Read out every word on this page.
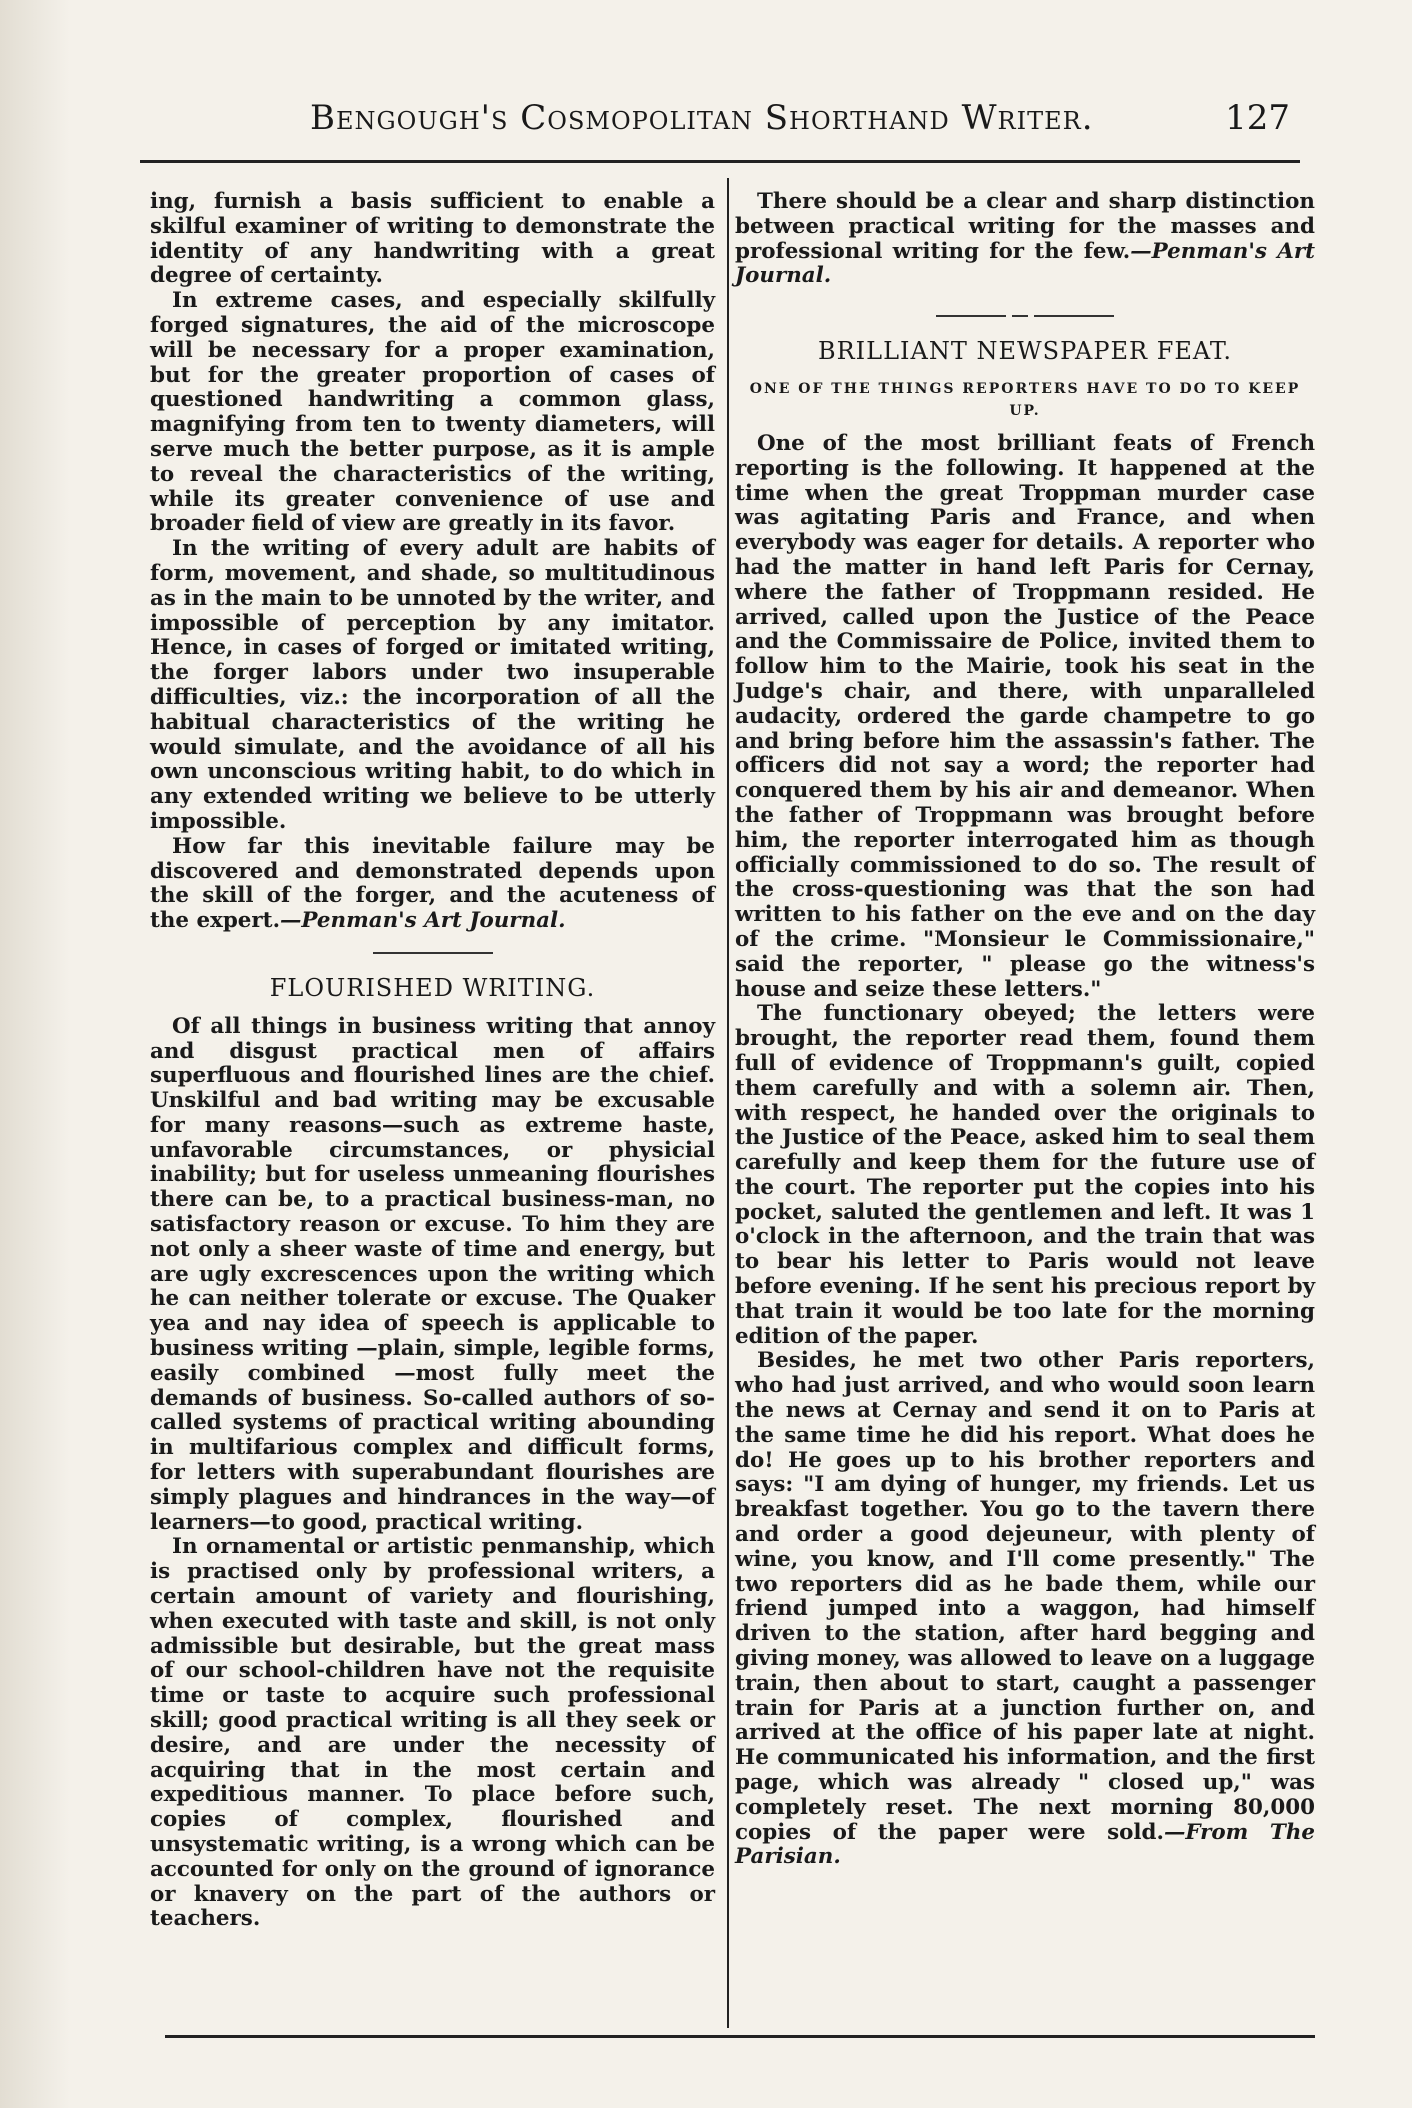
Bengough's Cosmopolitan Shorthand Writer.	127

ing, furnish a basis sufficient to enable a skilful examiner of writing to demonstrate the identity of any handwriting with a great degree of certainty.

In extreme cases, and especially skilfully forged signatures, the aid of the microscope will be necessary for a proper examination, but for the greater proportion of cases of questioned handwriting a common glass, magnifying from ten to twenty diameters, will serve much the better purpose, as it is ample to reveal the characteristics of the writing, while its greater convenience of use and broader field of view are greatly in its favor.

In the writing of every adult are habits of form, movement, and shade, so multitudinous as in the main to be unnoted by the writer, and impossible of perception by any imitator. Hence, in cases of forged or imitated writing, the forger labors under two insuperable difficulties, viz.: the incorporation of all the habitual characteristics of the writing he would simulate, and the avoidance of all his own unconscious writing habit, to do which in any extended writing we believe to be utterly impossible.

How far this inevitable failure may be discovered and demonstrated depends upon the skill of the forger, and the acuteness of the expert.—Penman's Art Journal.

FLOURISHED WRITING.

Of all things in business writing that annoy and disgust practical men of affairs superfluous and flourished lines are the chief. Unskilful and bad writing may be excusable for many reasons—such as extreme haste, unfavorable circumstances, or physicial inability; but for useless unmeaning flourishes there can be, to a practical business-man, no satisfactory reason or excuse. To him they are not only a sheer waste of time and energy, but are ugly excrescences upon the writing which he can neither tolerate or excuse. The Quaker yea and nay idea of speech is applicable to business writing —plain, simple, legible forms, easily combined —most fully meet the demands of business. So-called authors of so-called systems of practical writing abounding in multifarious complex and difficult forms, for letters with superabundant flourishes are simply plagues and hindrances in the way—of learners—to good, practical writing.

In ornamental or artistic penmanship, which is practised only by professional writers, a certain amount of variety and flourishing, when executed with taste and skill, is not only admissible but desirable, but the great mass of our school-children have not the requisite time or taste to acquire such professional skill; good practical writing is all they seek or desire, and are under the necessity of acquiring that in the most certain and expeditious manner. To place before such, copies of complex, flourished and unsystematic writing, is a wrong which can be accounted for only on the ground of ignorance or knavery on the part of the authors or teachers.

There should be a clear and sharp distinction between practical writing for the masses and professional writing for the few.—Penman's Art Journal.

BRILLIANT NEWSPAPER FEAT.
ONE OF THE THINGS REPORTERS HAVE TO DO TO KEEP UP.

One of the most brilliant feats of French reporting is the following. It happened at the time when the great Troppman murder case was agitating Paris and France, and when everybody was eager for details. A reporter who had the matter in hand left Paris for Cernay, where the father of Troppmann resided. He arrived, called upon the Justice of the Peace and the Commissaire de Police, invited them to follow him to the Mairie, took his seat in the Judge's chair, and there, with unparalleled audacity, ordered the garde champetre to go and bring before him the assassin's father. The officers did not say a word; the reporter had conquered them by his air and demeanor. When the father of Troppmann was brought before him, the reporter interrogated him as though officially commissioned to do so. The result of the cross-questioning was that the son had written to his father on the eve and on the day of the crime. "Monsieur le Commissionaire," said the reporter, " please go the witness's house and seize these letters."

The functionary obeyed; the letters were brought, the reporter read them, found them full of evidence of Troppmann's guilt, copied them carefully and with a solemn air. Then, with respect, he handed over the originals to the Justice of the Peace, asked him to seal them carefully and keep them for the future use of the court. The reporter put the copies into his pocket, saluted the gentlemen and left. It was 1 o'clock in the afternoon, and the train that was to bear his letter to Paris would not leave before evening. If he sent his precious report by that train it would be too late for the morning edition of the paper.

Besides, he met two other Paris reporters, who had just arrived, and who would soon learn the news at Cernay and send it on to Paris at the same time he did his report. What does he do! He goes up to his brother reporters and says: "I am dying of hunger, my friends. Let us breakfast together. You go to the tavern there and order a good dejeuneur, with plenty of wine, you know, and I'll come presently." The two reporters did as he bade them, while our friend jumped into a waggon, had himself driven to the station, after hard begging and giving money, was allowed to leave on a luggage train, then about to start, caught a passenger train for Paris at a junction further on, and arrived at the office of his paper late at night. He communicated his information, and the first page, which was already " closed up," was completely reset. The next morning 80,000 copies of the paper were sold.—From The Parisian.
